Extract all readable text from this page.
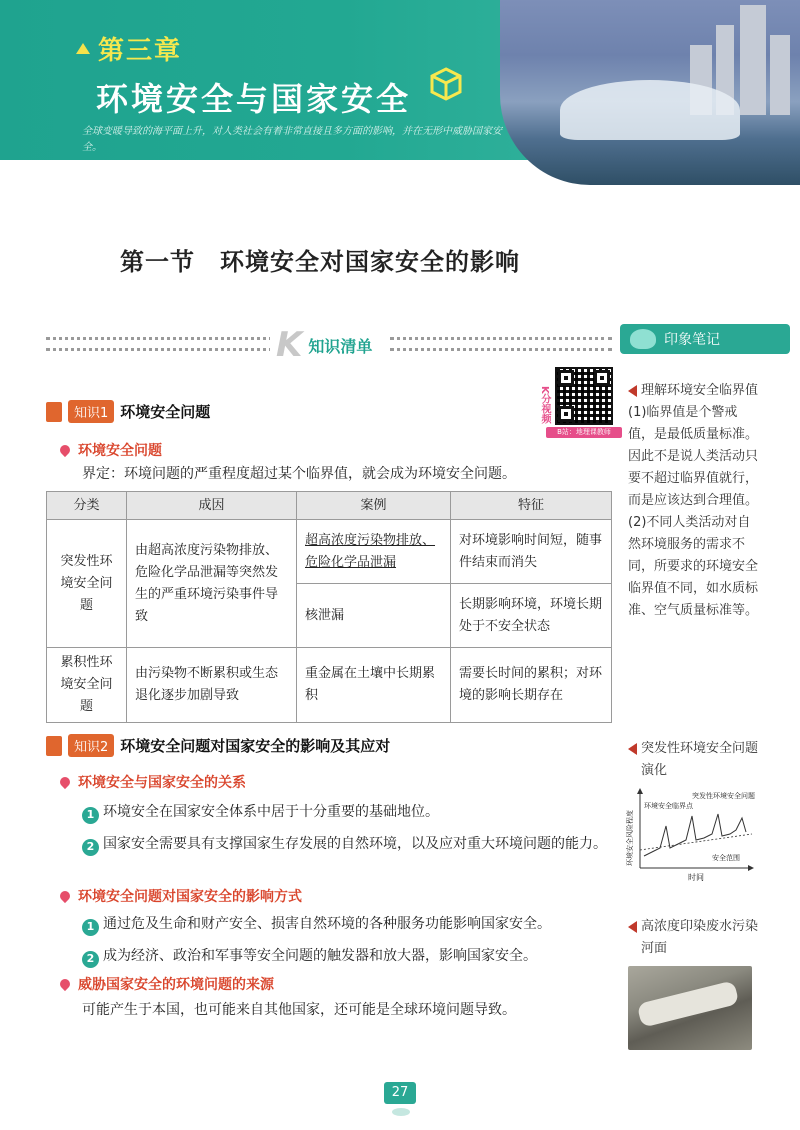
第三章
环境安全与国家安全
全球变暖导致的海平面上升，对人类社会有着非常直接且多方面的影响，并在无形中威胁国家安全。
第一节　环境安全对国家安全的影响
K 知识清单	印象笔记
理解环境安全临界值
(1)临界值是个警戒值，是最低质量标准。因此不是说人类活动只要不超过临界值就行，而是应该达到合理值。
(2)不同人类活动对自然环境服务的需求不同，所要求的环境安全临界值不同，如水质标准、空气质量标准等。
突发性环境安全问题演化
环境安全风险程度
时间
环境安全临界点
突发性环境安全问题
安全范围
高浓度印染废水污染河面
K分视频
B站：地理课教师
知识1 环境安全问题
环境安全问题
界定：环境问题的严重程度超过某个临界值，就会成为环境安全问题。
分类	成因	案例	特征
突发性环境安全问题	由超高浓度污染物排放、危险化学品泄漏等突然发生的严重环境污染事件导致	超高浓度污染物排放、危险化学品泄漏	对环境影响时间短，随事件结束而消失
		核泄漏	长期影响环境，环境长期处于不安全状态
累积性环境安全问题	由污染物不断累积或生态退化逐步加剧导致	重金属在土壤中长期累积	需要长时间的累积；对环境的影响长期存在
知识2 环境安全问题对国家安全的影响及其应对
环境安全与国家安全的关系
1 环境安全在国家安全体系中居于十分重要的基础地位。
2 国家安全需要具有支撑国家生存发展的自然环境，以及应对重大环境问题的能力。
环境安全问题对国家安全的影响方式
1 通过危及生命和财产安全、损害自然环境的各种服务功能影响国家安全。
2 成为经济、政治和军事等安全问题的触发器和放大器，影响国家安全。
威胁国家安全的环境问题的来源
可能产生于本国，也可能来自其他国家，还可能是全球环境问题导致。
27
